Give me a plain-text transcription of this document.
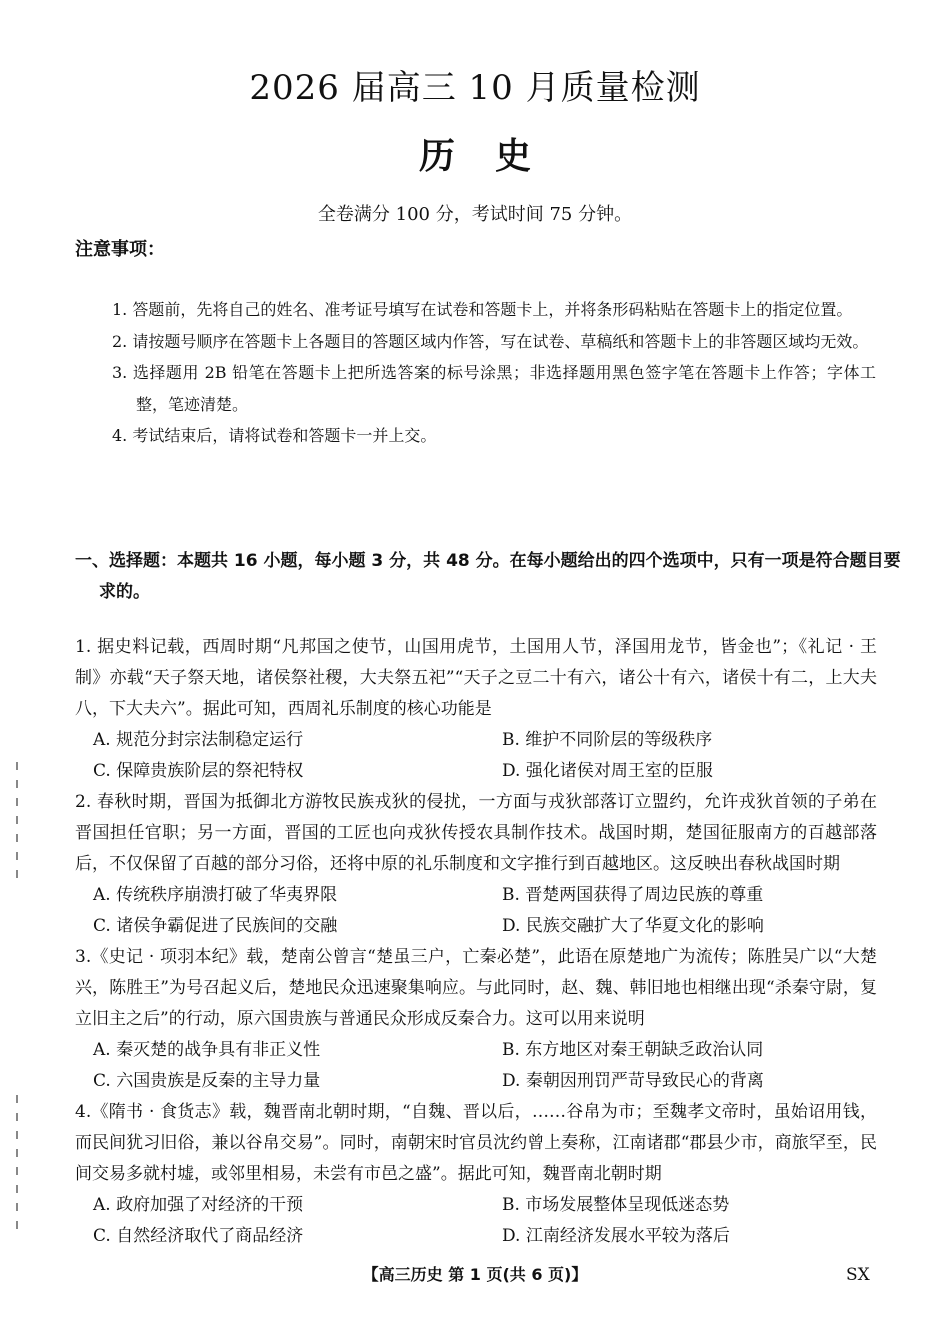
2026 届高三 10 月质量检测
历史
全卷满分 100 分，考试时间 75 分钟。
注意事项：
1. 答题前，先将自己的姓名、准考证号填写在试卷和答题卡上，并将条形码粘贴在答题卡上的指定位置。
2. 请按题号顺序在答题卡上各题目的答题区域内作答，写在试卷、草稿纸和答题卡上的非答题区域均无效。
3. 选择题用 2B 铅笔在答题卡上把所选答案的标号涂黑；非选择题用黑色签字笔在答题卡上作答；字体工整，笔迹清楚。
4. 考试结束后，请将试卷和答题卡一并上交。
一、选择题：本题共 16 小题，每小题 3 分，共 48 分。在每小题给出的四个选项中，只有一项是符合题目要求的。
1. 据史料记载，西周时期“凡邦国之使节，山国用虎节，土国用人节，泽国用龙节，皆金也”；《礼记 · 王制》亦载“天子祭天地，诸侯祭社稷，大夫祭五祀”“天子之豆二十有六，诸公十有六，诸侯十有二，上大夫八，下大夫六”。据此可知，西周礼乐制度的核心功能是
A. 规范分封宗法制稳定运行	B. 维护不同阶层的等级秩序
C. 保障贵族阶层的祭祀特权	D. 强化诸侯对周王室的臣服
2. 春秋时期，晋国为抵御北方游牧民族戎狄的侵扰，一方面与戎狄部落订立盟约，允许戎狄首领的子弟在晋国担任官职；另一方面，晋国的工匠也向戎狄传授农具制作技术。战国时期，楚国征服南方的百越部落后，不仅保留了百越的部分习俗，还将中原的礼乐制度和文字推行到百越地区。这反映出春秋战国时期
A. 传统秩序崩溃打破了华夷界限	B. 晋楚两国获得了周边民族的尊重
C. 诸侯争霸促进了民族间的交融	D. 民族交融扩大了华夏文化的影响
3.《史记 · 项羽本纪》载，楚南公曾言“楚虽三户，亡秦必楚”，此语在原楚地广为流传；陈胜吴广以“大楚兴，陈胜王”为号召起义后，楚地民众迅速聚集响应。与此同时，赵、魏、韩旧地也相继出现“杀秦守尉，复立旧主之后”的行动，原六国贵族与普通民众形成反秦合力。这可以用来说明
A. 秦灭楚的战争具有非正义性	B. 东方地区对秦王朝缺乏政治认同
C. 六国贵族是反秦的主导力量	D. 秦朝因刑罚严苛导致民心的背离
4.《隋书 · 食货志》载，魏晋南北朝时期，“自魏、晋以后，……谷帛为市；至魏孝文帝时，虽始诏用钱，而民间犹习旧俗，兼以谷帛交易”。同时，南朝宋时官员沈约曾上奏称，江南诸郡“郡县少市，商旅罕至，民间交易多就村墟，或邻里相易，未尝有市邑之盛”。据此可知，魏晋南北朝时期
A. 政府加强了对经济的干预	B. 市场发展整体呈现低迷态势
C. 自然经济取代了商品经济	D. 江南经济发展水平较为落后
【高三历史 第 1 页(共 6 页)】	SX
